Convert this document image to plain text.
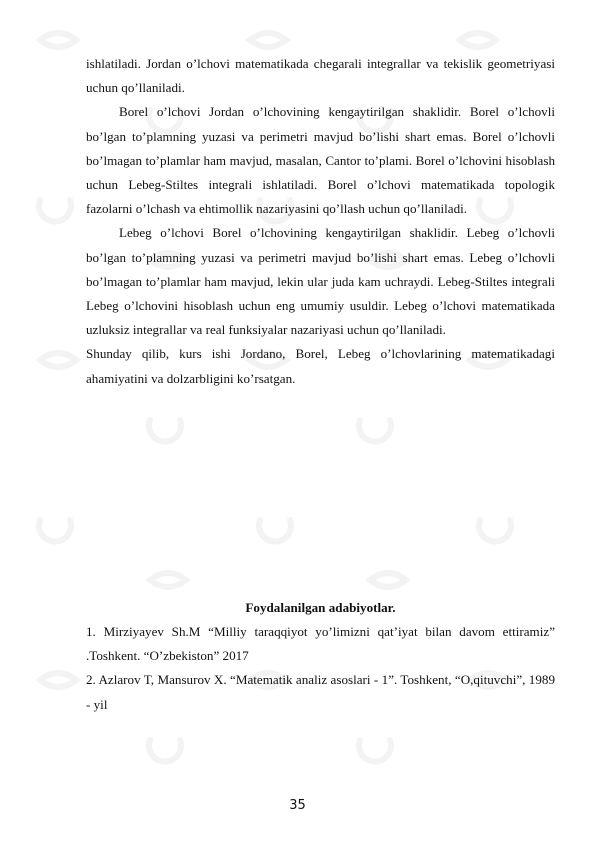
ishlatiladi. Jordan o’lchovi matematikada chegarali integrallar va tekislik geometriyasi uchun qo’llaniladi.

Borel o’lchovi Jordan o’lchovining kengaytirilgan shaklidir. Borel o’lchovli bo’lgan to’plamning yuzasi va perimetri mavjud bo’lishi shart emas. Borel o’lchovli bo’lmagan to’plamlar ham mavjud, masalan, Cantor to’plami. Borel o’lchovini hisoblash uchun Lebeg-Stiltes integrali ishlatiladi. Borel o’lchovi matematikada topologik fazolarni o’lchash va ehtimollik nazariyasini qo’llash uchun qo’llaniladi.

Lebeg o’lchovi Borel o’lchovining kengaytirilgan shaklidir. Lebeg o’lchovli bo’lgan to’plamning yuzasi va perimetri mavjud bo’lishi shart emas. Lebeg o’lchovli bo’lmagan to’plamlar ham mavjud, lekin ular juda kam uchraydi. Lebeg-Stiltes integrali Lebeg o’lchovini hisoblash uchun eng umumiy usuldir. Lebeg o’lchovi matematikada uzluksiz integrallar va real funksiyalar nazariyasi uchun qo’llaniladi.

Shunday qilib, kurs ishi Jordano, Borel, Lebeg o’lchovlarining matematikadagi ahamiyatini va dolzarbligini ko’rsatgan.

Foydalanilgan adabiyotlar.

1. Mirziyayev Sh.M “Milliy taraqqiyot yo’limizni qat’iyat bilan davom ettiramiz” .Toshkent. “O’zbekiston” 2017

2. Azlarov T, Mansurov X. “Matematik analiz asoslari - 1”. Toshkent, “O,qituvchi”, 1989 - yil

35
